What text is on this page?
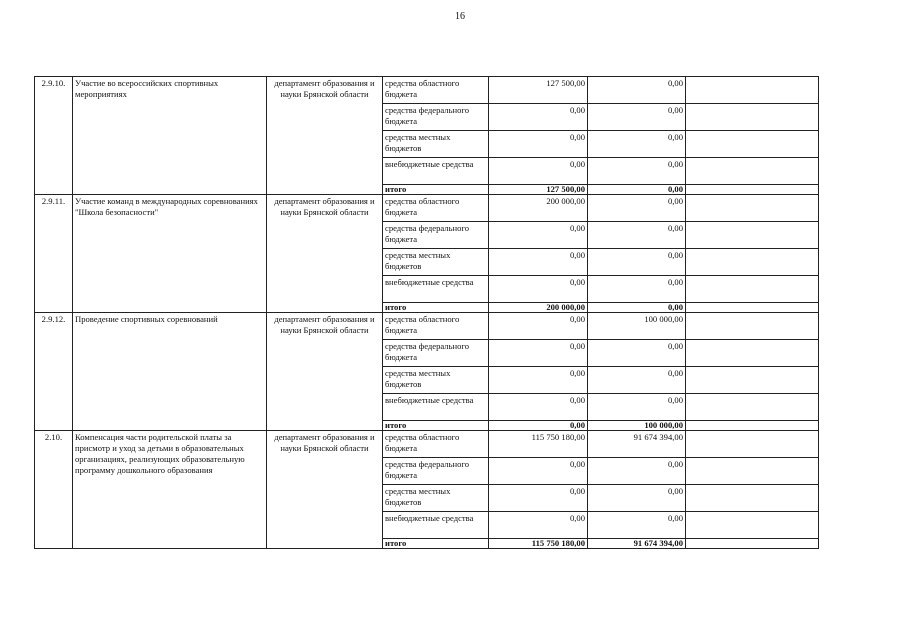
16
2.9.10.	Участие во всероссийских спортивных мероприятиях	департамент образования и науки Брянской области	средства областного бюджета	127 500,00	0,00	
			средства федерального бюджета	0,00	0,00	
			средства местных бюджетов	0,00	0,00	
			внебюджетные средства	0,00	0,00	
			итого	127 500,00	0,00	
2.9.11.	Участие команд в международных соревнованиях "Школа безопасности"	департамент образования и науки Брянской области	средства областного бюджета	200 000,00	0,00	
			средства федерального бюджета	0,00	0,00	
			средства местных бюджетов	0,00	0,00	
			внебюджетные средства	0,00	0,00	
			итого	200 000,00	0,00	
2.9.12.	Проведение спортивных соревнований	департамент образования и науки Брянской области	средства областного бюджета	0,00	100 000,00	
			средства федерального бюджета	0,00	0,00	
			средства местных бюджетов	0,00	0,00	
			внебюджетные средства	0,00	0,00	
			итого	0,00	100 000,00	
2.10.	Компенсация части родительской платы за присмотр и уход за детьми в образовательных организациях, реализующих образовательную программу дошкольного образования	департамент образования и науки Брянской области	средства областного бюджета	115 750 180,00	91 674 394,00	
			средства федерального бюджета	0,00	0,00	
			средства местных бюджетов	0,00	0,00	
			внебюджетные средства	0,00	0,00	
			итого	115 750 180,00	91 674 394,00	
